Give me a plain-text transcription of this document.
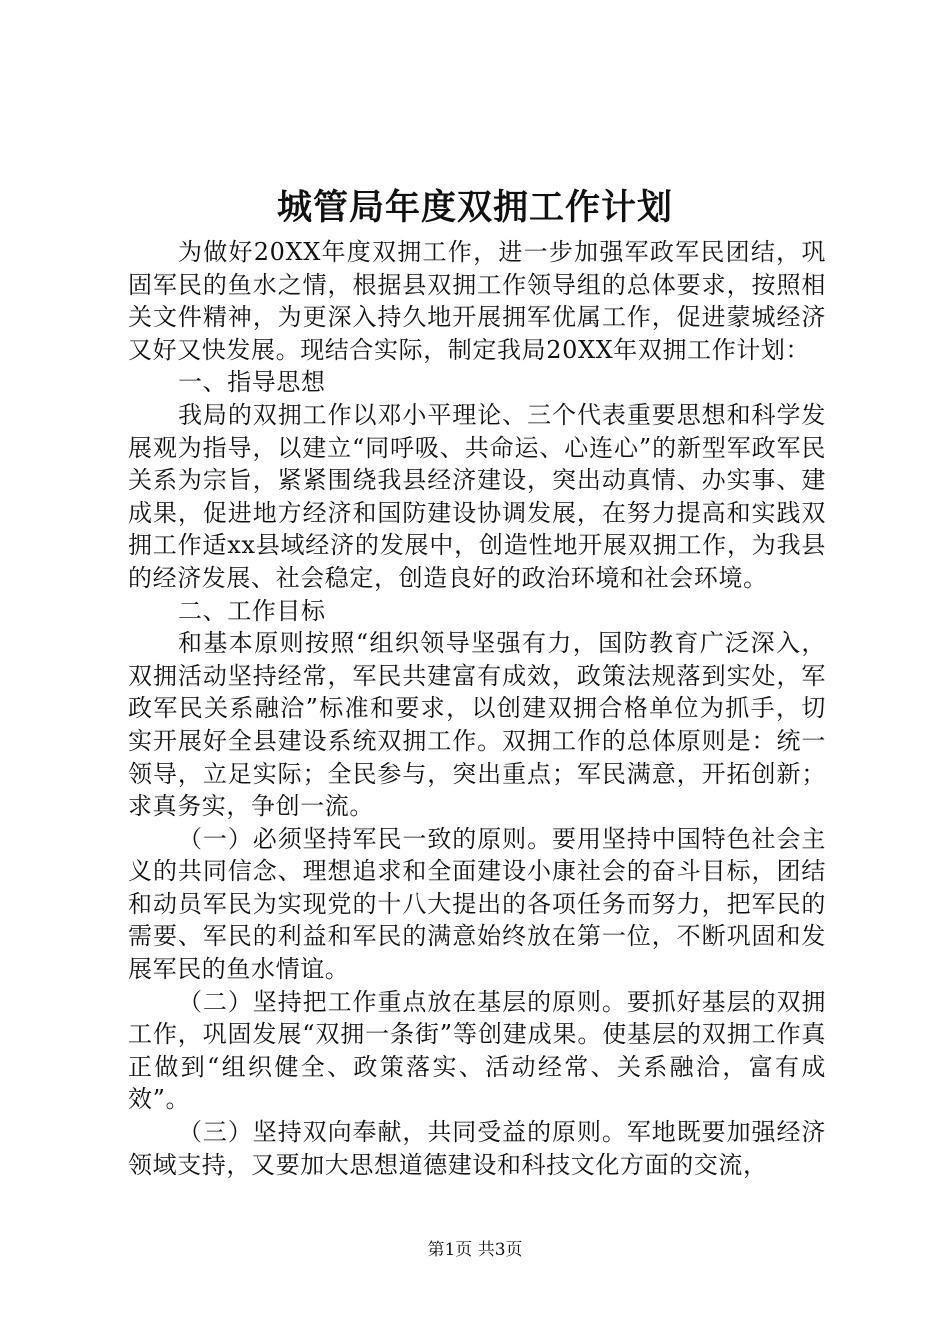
城管局年度双拥工作计划

为做好20XX年度双拥工作，进一步加强军政军民团结，巩固军民的鱼水之情，根据县双拥工作领导组的总体要求，按照相关文件精神，为更深入持久地开展拥军优属工作，促进蒙城经济又好又快发展。现结合实际，制定我局20XX年双拥工作计划：

一、指导思想

我局的双拥工作以邓小平理论、三个代表重要思想和科学发展观为指导，以建立“同呼吸、共命运、心连心”的新型军政军民关系为宗旨，紧紧围绕我县经济建设，突出动真情、办实事、建成果，促进地方经济和国防建设协调发展，在努力提高和实践双拥工作适xx县域经济的发展中，创造性地开展双拥工作，为我县的经济发展、社会稳定，创造良好的政治环境和社会环境。

二、工作目标

和基本原则按照“组织领导坚强有力，国防教育广泛深入，双拥活动坚持经常，军民共建富有成效，政策法规落到实处，军政军民关系融洽”标准和要求，以创建双拥合格单位为抓手，切实开展好全县建设系统双拥工作。双拥工作的总体原则是：统一领导，立足实际；全民参与，突出重点；军民满意，开拓创新；求真务实，争创一流。

（一）必须坚持军民一致的原则。要用坚持中国特色社会主义的共同信念、理想追求和全面建设小康社会的奋斗目标，团结和动员军民为实现党的十八大提出的各项任务而努力，把军民的需要、军民的利益和军民的满意始终放在第一位，不断巩固和发展军民的鱼水情谊。

（二）坚持把工作重点放在基层的原则。要抓好基层的双拥工作，巩固发展“双拥一条街”等创建成果。使基层的双拥工作真正做到“组织健全、政策落实、活动经常、关系融洽，富有成效”。

（三）坚持双向奉献，共同受益的原则。军地既要加强经济领域支持，又要加大思想道德建设和科技文化方面的交流，

第1页 共3页
